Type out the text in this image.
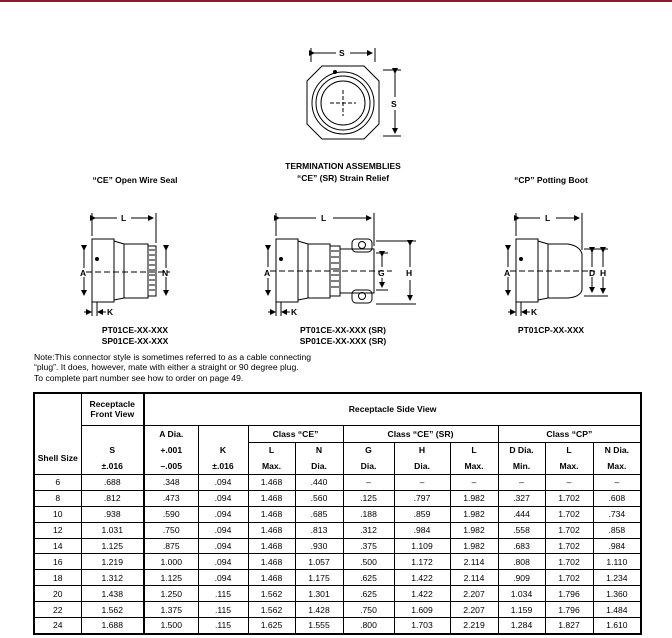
S
S
L
A	N
K
L
A	G	H
K
L
A	D H
K
TERMINATION ASSEMBLIES
“CE” Open Wire Seal	“CE” (SR) Strain Relief	“CP” Potting Boot
PT01CE-XX-XXX
SP01CE-XX-XXX
PT01CE-XX-XXX (SR)
SP01CE-XX-XXX (SR)
PT01CP-XX-XXX
Note:This connector style is sometimes referred to as a cable connecting
“plug”. It does, however, mate with either a straight or 90 degree plug.
To complete part number see how to order on page 49.
	Receptacle Front View	Receptacle Side View									

		A Dia.		Class “CE”		Class “CE” (SR)			Class “CP”		
Shell Size	S	+.001	K	L	N	G	H	L	D Dia.	L	N Dia.
	±.016	–.005	±.016	Max.	Dia.	Dia.	Dia.	Max.	Min.	Max.	Max.
6	.688	.348	.094	1.468	.440	–	–	–	–	–	–
8	.812	.473	.094	1.468	.560	.125	.797	1.982	.327	1.702	.608
10	.938	.590	.094	1.468	.685	.188	.859	1.982	.444	1.702	.734
12	1.031	.750	.094	1.468	.813	.312	.984	1.982	.558	1.702	.858
14	1.125	.875	.094	1.468	.930	.375	1.109	1.982	.683	1.702	.984
16	1.219	1.000	.094	1.468	1.057	.500	1.172	2.114	.808	1.702	1.110
18	1.312	1.125	.094	1.468	1.175	.625	1.422	2.114	.909	1.702	1.234
20	1.438	1.250	.115	1.562	1.301	.625	1.422	2.207	1.034	1.796	1.360
22	1.562	1.375	.115	1.562	1.428	.750	1.609	2.207	1.159	1.796	1.484
24	1.688	1.500	.115	1.625	1.555	.800	1.703	2.219	1.284	1.827	1.610
